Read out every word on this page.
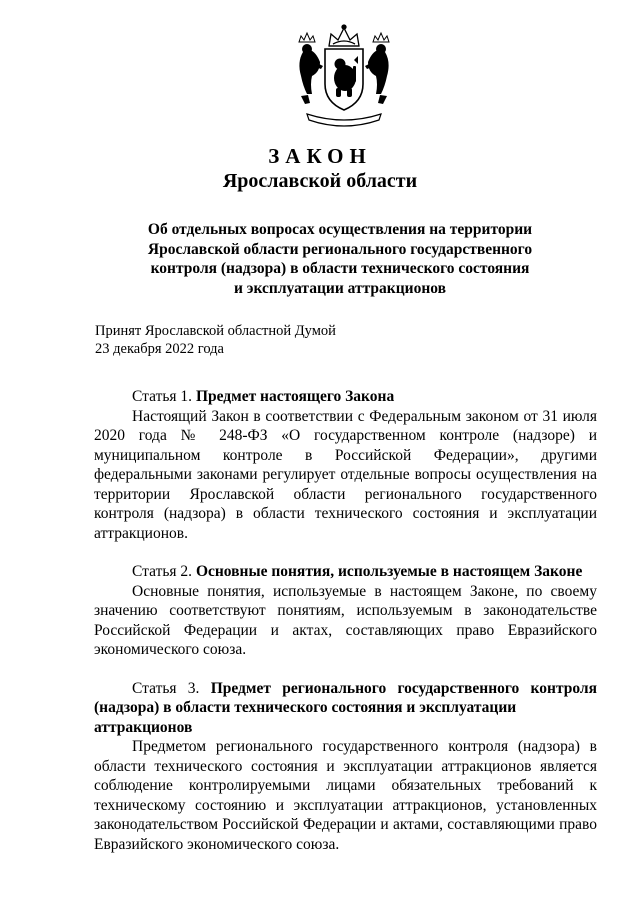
ЗАКОН
Ярославской области
Об отдельных вопросах осуществления на территории
Ярославской области регионального государственного
контроля (надзора) в области технического состояния
и эксплуатации аттракционов
Принят Ярославской областной Думой
23 декабря 2022 года
Статья 1. Предмет настоящего Закона
Настоящий Закон в соответствии с Федеральным законом от 31 июля 2020 года № 248-ФЗ «О государственном контроле (надзоре) и муниципальном контроле в Российской Федерации», другими федеральными законами регулирует отдельные вопросы осуществления на территории Ярославской области регионального государственного контроля (надзора) в области технического состояния и эксплуатации аттракционов.
Статья 2. Основные понятия, используемые в настоящем Законе
Основные понятия, используемые в настоящем Законе, по своему значению соответствуют понятиям, используемым в законодательстве Российской Федерации и актах, составляющих право Евразийского экономического союза.
Статья 3. Предмет регионального государственного контроля (надзора) в области технического состояния и эксплуатации
аттракционов
Предметом регионального государственного контроля (надзора) в области технического состояния и эксплуатации аттракционов является соблюдение контролируемыми лицами обязательных требований к техническому состоянию и эксплуатации аттракционов, установленных законодательством Российской Федерации и актами, составляющими право Евразийского экономического союза.
